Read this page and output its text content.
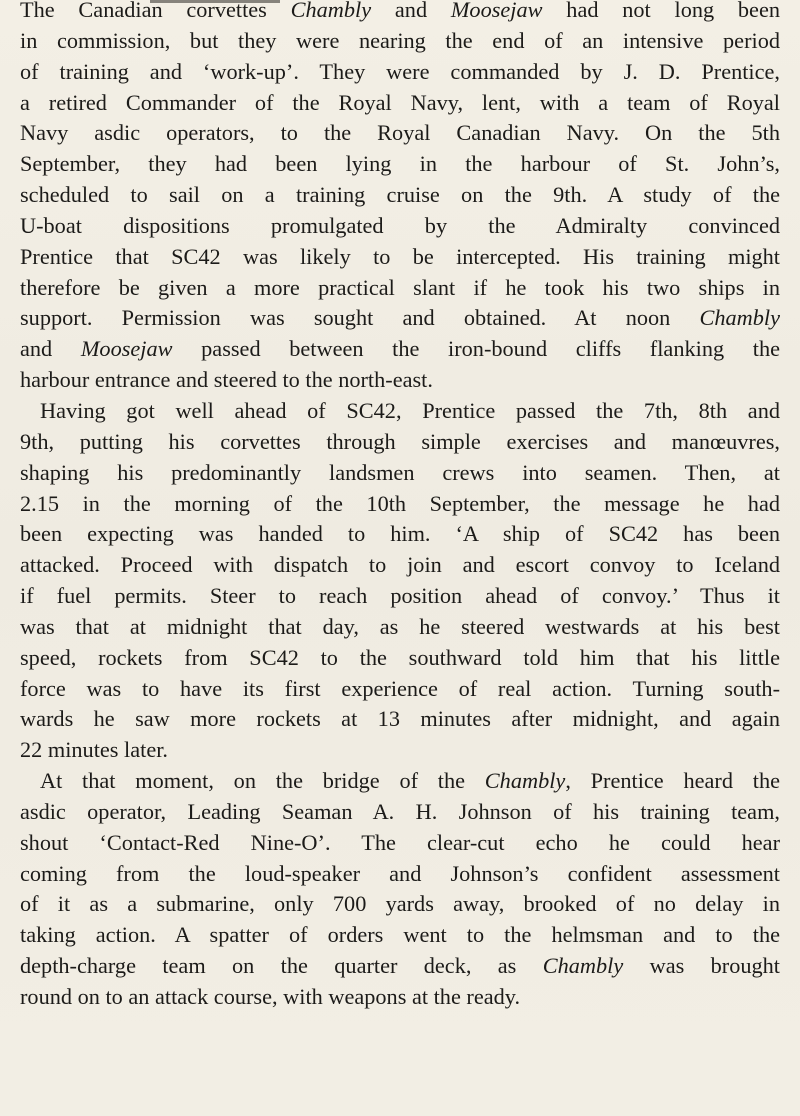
The Canadian corvettes Chambly and Moosejaw had not long been
in commission, but they were nearing the end of an intensive period
of training and ‘work-up’. They were commanded by J. D. Prentice,
a retired Commander of the Royal Navy, lent, with a team of Royal
Navy asdic operators, to the Royal Canadian Navy. On the 5th
September, they had been lying in the harbour of St. John’s,
scheduled to sail on a training cruise on the 9th. A study of the
U-boat dispositions promulgated by the Admiralty convinced
Prentice that SC42 was likely to be intercepted. His training might
therefore be given a more practical slant if he took his two ships in
support. Permission was sought and obtained. At noon Chambly
and Moosejaw passed between the iron-bound cliffs flanking the
harbour entrance and steered to the north-east.
Having got well ahead of SC42, Prentice passed the 7th, 8th and
9th, putting his corvettes through simple exercises and manœuvres,
shaping his predominantly landsmen crews into seamen. Then, at
2.15 in the morning of the 10th September, the message he had
been expecting was handed to him. ‘A ship of SC42 has been
attacked. Proceed with dispatch to join and escort convoy to Iceland
if fuel permits. Steer to reach position ahead of convoy.’ Thus it
was that at midnight that day, as he steered westwards at his best
speed, rockets from SC42 to the southward told him that his little
force was to have its first experience of real action. Turning south-
wards he saw more rockets at 13 minutes after midnight, and again
22 minutes later.
At that moment, on the bridge of the Chambly, Prentice heard the
asdic operator, Leading Seaman A. H. Johnson of his training team,
shout ‘Contact-Red Nine-O’. The clear-cut echo he could hear
coming from the loud-speaker and Johnson’s confident assessment
of it as a submarine, only 700 yards away, brooked of no delay in
taking action. A spatter of orders went to the helmsman and to the
depth-charge team on the quarter deck, as Chambly was brought
round on to an attack course, with weapons at the ready.
